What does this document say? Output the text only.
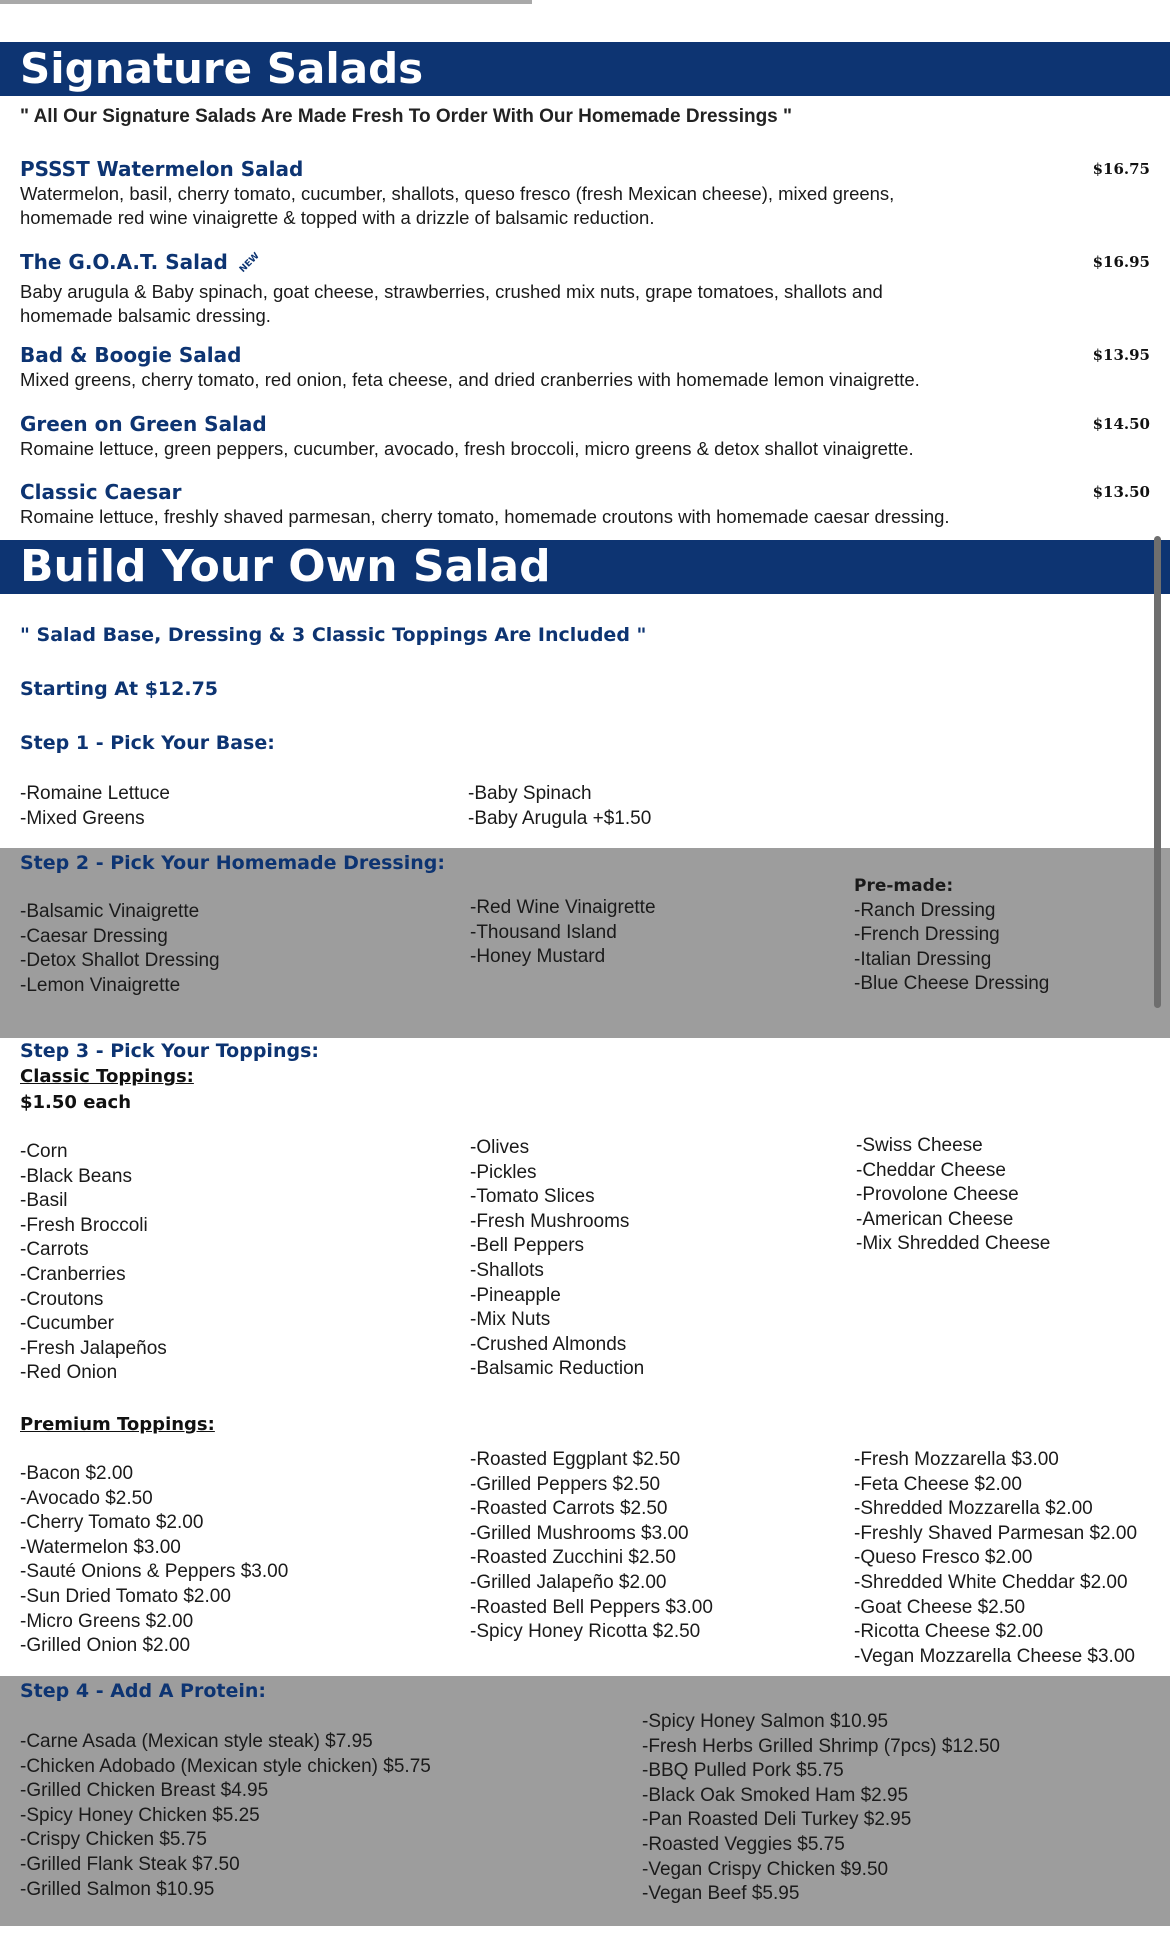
Signature Salads
" All Our Signature Salads Are Made Fresh To Order With Our Homemade Dressings "
PSSST Watermelon Salad	$16.75
Watermelon, basil, cherry tomato, cucumber, shallots, queso fresco (fresh Mexican cheese), mixed greens, homemade red wine vinaigrette & topped with a drizzle of balsamic reduction.
The G.O.A.T. Salad NEW	$16.95
Baby arugula & Baby spinach, goat cheese, strawberries, crushed mix nuts, grape tomatoes, shallots and homemade balsamic dressing.
Bad & Boogie Salad	$13.95
Mixed greens, cherry tomato, red onion, feta cheese, and dried cranberries with homemade lemon vinaigrette.
Green on Green Salad	$14.50
Romaine lettuce, green peppers, cucumber, avocado, fresh broccoli, micro greens & detox shallot vinaigrette.
Classic Caesar	$13.50
Romaine lettuce, freshly shaved parmesan, cherry tomato, homemade croutons with homemade caesar dressing.
Build Your Own Salad
" Salad Base, Dressing & 3 Classic Toppings Are Included "
Starting At $12.75
Step 1 - Pick Your Base:
-Romaine Lettuce
-Mixed Greens
-Baby Spinach
-Baby Arugula +$1.50
Step 2 - Pick Your Homemade Dressing:
-Balsamic Vinaigrette
-Caesar Dressing
-Detox Shallot Dressing
-Lemon Vinaigrette
-Red Wine Vinaigrette
-Thousand Island
-Honey Mustard
Pre-made:
-Ranch Dressing
-French Dressing
-Italian Dressing
-Blue Cheese Dressing
Step 3 - Pick Your Toppings:
Classic Toppings:
$1.50 each
-Corn
-Black Beans
-Basil
-Fresh Broccoli
-Carrots
-Cranberries
-Croutons
-Cucumber
-Fresh Jalapeños
-Red Onion
-Olives
-Pickles
-Tomato Slices
-Fresh Mushrooms
-Bell Peppers
-Shallots
-Pineapple
-Mix Nuts
-Crushed Almonds
-Balsamic Reduction
-Swiss Cheese
-Cheddar Cheese
-Provolone Cheese
-American Cheese
-Mix Shredded Cheese
Premium Toppings:
-Bacon $2.00
-Avocado $2.50
-Cherry Tomato $2.00
-Watermelon $3.00
-Sauté Onions & Peppers $3.00
-Sun Dried Tomato $2.00
-Micro Greens $2.00
-Grilled Onion $2.00
-Roasted Eggplant $2.50
-Grilled Peppers $2.50
-Roasted Carrots $2.50
-Grilled Mushrooms $3.00
-Roasted Zucchini $2.50
-Grilled Jalapeño $2.00
-Roasted Bell Peppers $3.00
-Spicy Honey Ricotta $2.50
-Fresh Mozzarella $3.00
-Feta Cheese $2.00
-Shredded Mozzarella $2.00
-Freshly Shaved Parmesan $2.00
-Queso Fresco $2.00
-Shredded White Cheddar $2.00
-Goat Cheese $2.50
-Ricotta Cheese $2.00
-Vegan Mozzarella Cheese $3.00
Step 4 - Add A Protein:
-Carne Asada (Mexican style steak) $7.95
-Chicken Adobado (Mexican style chicken) $5.75
-Grilled Chicken Breast $4.95
-Spicy Honey Chicken $5.25
-Crispy Chicken $5.75
-Grilled Flank Steak $7.50
-Grilled Salmon $10.95
-Spicy Honey Salmon $10.95
-Fresh Herbs Grilled Shrimp (7pcs) $12.50
-BBQ Pulled Pork $5.75
-Black Oak Smoked Ham $2.95
-Pan Roasted Deli Turkey $2.95
-Roasted Veggies $5.75
-Vegan Crispy Chicken $9.50
-Vegan Beef $5.95
